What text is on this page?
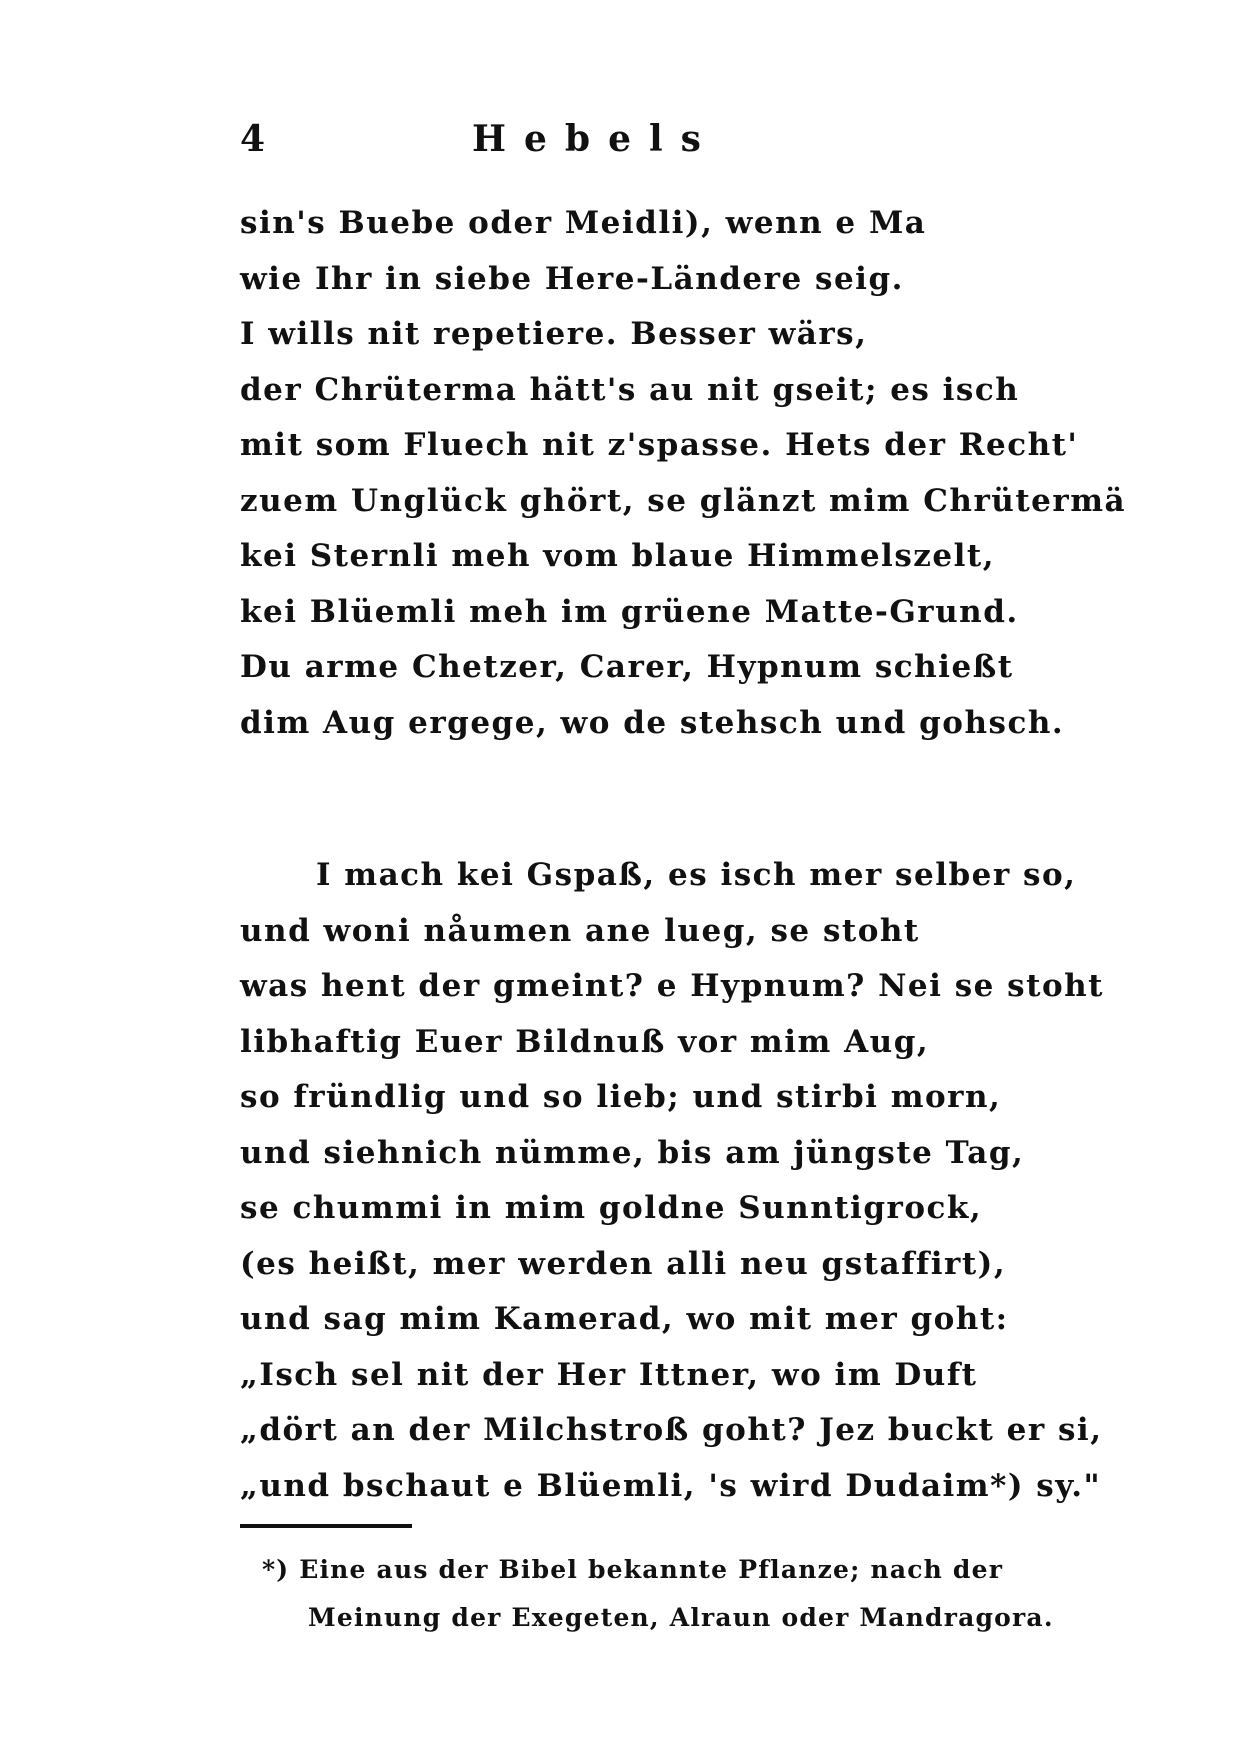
4	Hebels
sin's Buebe oder Meidli), wenn e Ma
wie Ihr in siebe Here-Ländere seig.
I wills nit repetiere. Besser wärs,
der Chrüterma hätt's au nit gseit; es isch
mit som Fluech nit z'spasse. Hets der Recht'
zuem Unglück ghört, se glänzt mim Chrütermä
kei Sternli meh vom blaue Himmelszelt,
kei Blüemli meh im grüene Matte-Grund.
Du arme Chetzer, Carer, Hypnum schießt
dim Aug ergege, wo de stehsch und gohsch.
I mach kei Gspaß, es isch mer selber so,
und woni nåumen ane lueg, se stoht
was hent der gmeint? e Hypnum? Nei se stoht
libhaftig Euer Bildnuß vor mim Aug,
so fründlig und so lieb; und stirbi morn,
und siehnich nümme, bis am jüngste Tag,
se chummi in mim goldne Sunntigrock,
(es heißt, mer werden alli neu gstaffirt),
und sag mim Kamerad, wo mit mer goht:
„Isch sel nit der Her Ittner, wo im Duft
„dört an der Milchstroß goht? Jez buckt er si,
„und bschaut e Blüemli, 's wird Dudaim*) sy."
*) Eine aus der Bibel bekannte Pflanze; nach der
Meinung der Exegeten, Alraun oder Mandragora.
